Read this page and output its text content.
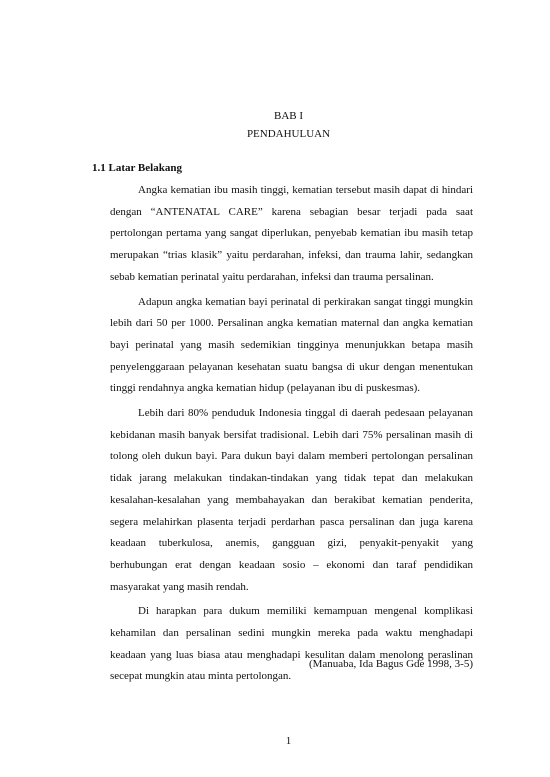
BAB I
PENDAHULUAN
1.1 Latar Belakang

Angka kematian ibu masih tinggi, kematian tersebut masih dapat di hindari dengan “ANTENATAL CARE” karena sebagian besar terjadi pada saat pertolongan pertama yang sangat diperlukan, penyebab kematian ibu masih tetap merupakan “trias klasik” yaitu perdarahan, infeksi, dan trauma lahir, sedangkan sebab kematian perinatal yaitu perdarahan, infeksi dan trauma persalinan.

Adapun angka kematian bayi perinatal di perkirakan sangat tinggi mungkin lebih dari 50 per 1000. Persalinan angka kematian maternal dan angka kematian bayi perinatal yang masih sedemikian tingginya menunjukkan betapa masih penyelenggaraan pelayanan kesehatan suatu bangsa di ukur dengan menentukan tinggi rendahnya angka kematian hidup (pelayanan ibu di puskesmas).

Lebih dari 80% penduduk Indonesia tinggal di daerah pedesaan pelayanan kebidanan masih banyak bersifat tradisional. Lebih dari 75% persalinan masih di tolong oleh dukun bayi. Para dukun bayi dalam memberi pertolongan persalinan tidak jarang melakukan tindakan-tindakan yang tidak tepat dan melakukan kesalahan-kesalahan yang membahayakan dan berakibat kematian penderita, segera melahirkan plasenta terjadi perdarhan pasca persalinan dan juga karena keadaan tuberkulosa, anemis, gangguan gizi, penyakit-penyakit yang berhubungan erat dengan keadaan sosio – ekonomi dan taraf pendidikan masyarakat yang masih rendah.

Di harapkan para dukum memiliki kemampuan mengenal komplikasi kehamilan dan persalinan sedini mungkin mereka pada waktu menghadapi keadaan yang luas biasa atau menghadapi kesulitan dalam menolong peraslinan secepat mungkin atau minta pertolongan.

(Manuaba, Ida Bagus Gde 1998, 3-5)
1
